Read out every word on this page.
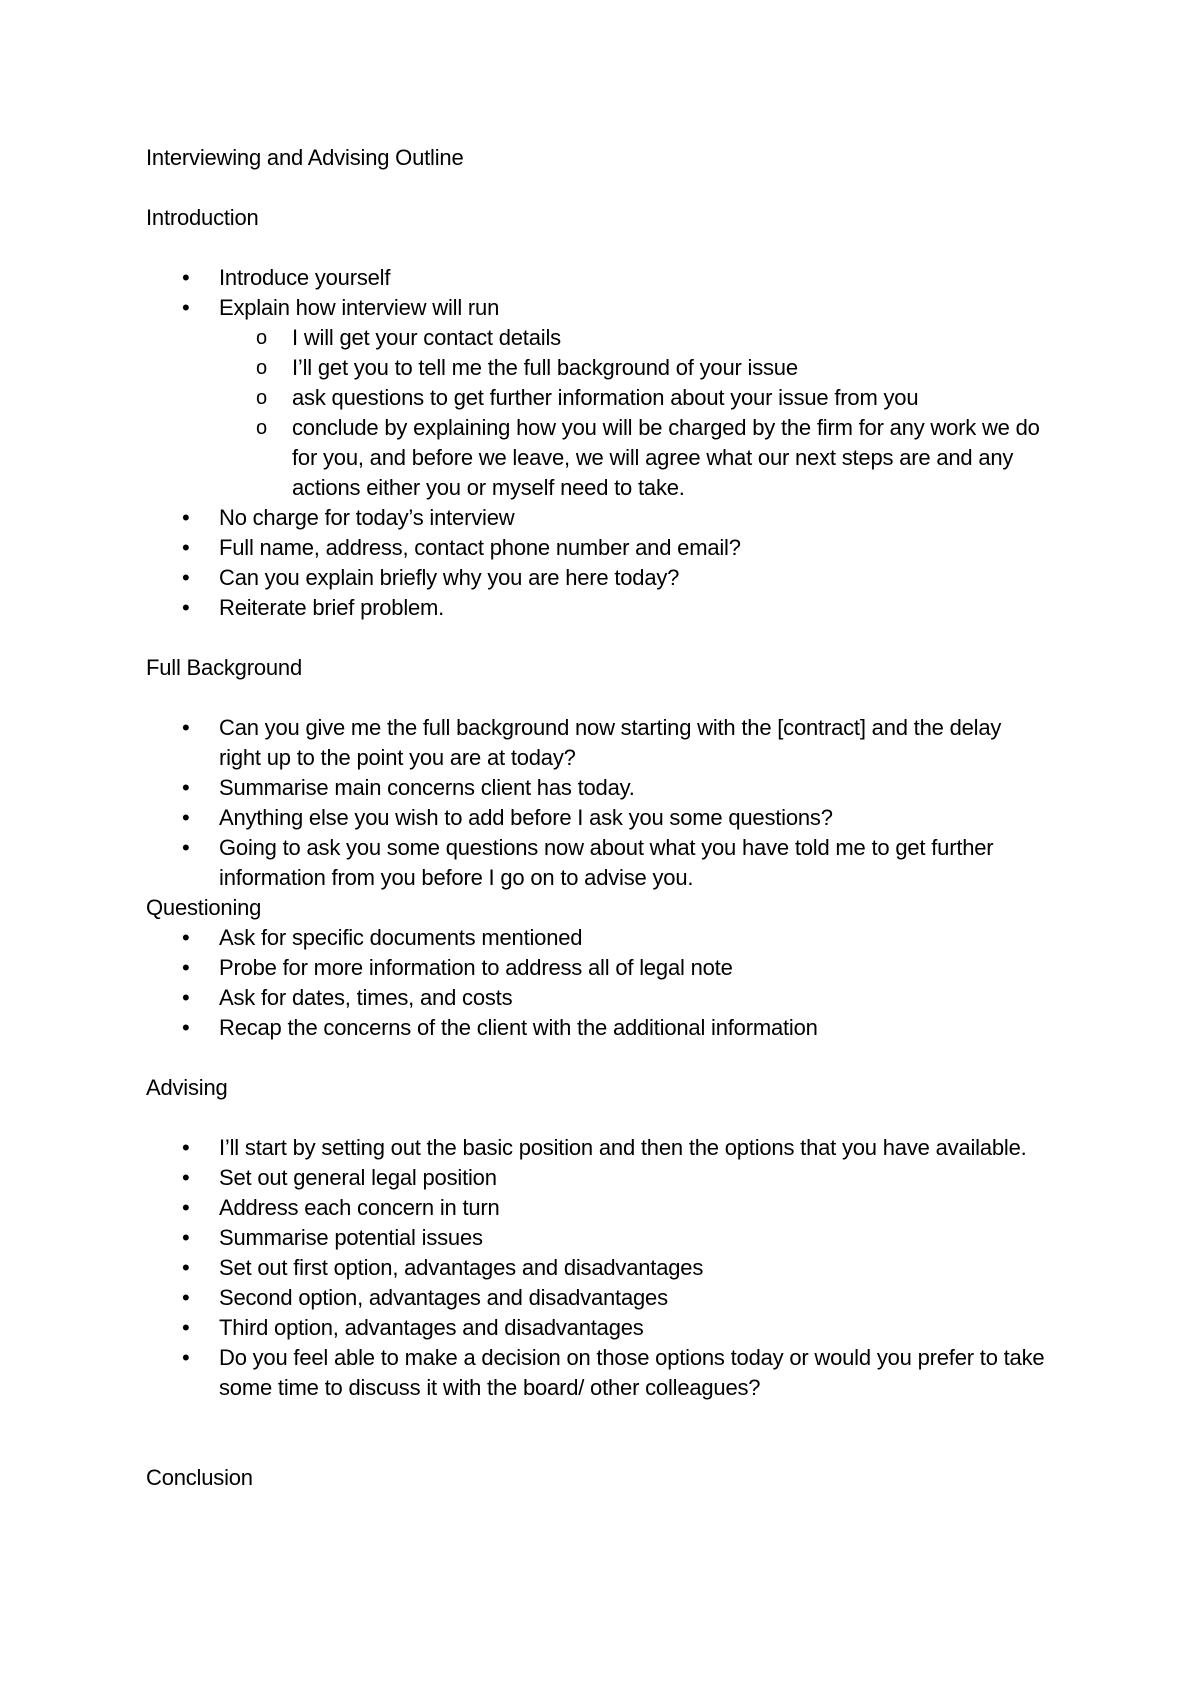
Interviewing and Advising Outline

Introduction

• Introduce yourself
• Explain how interview will run
o I will get your contact details
o I’ll get you to tell me the full background of your issue
o ask questions to get further information about your issue from you
o conclude by explaining how you will be charged by the firm for any work we do for you, and before we leave, we will agree what our next steps are and any actions either you or myself need to take.
• No charge for today’s interview
• Full name, address, contact phone number and email?
• Can you explain briefly why you are here today?
• Reiterate brief problem.

Full Background

• Can you give me the full background now starting with the [contract] and the delay right up to the point you are at today?
• Summarise main concerns client has today.
• Anything else you wish to add before I ask you some questions?
• Going to ask you some questions now about what you have told me to get further information from you before I go on to advise you.

Questioning

• Ask for specific documents mentioned
• Probe for more information to address all of legal note
• Ask for dates, times, and costs
• Recap the concerns of the client with the additional information

Advising

• I’ll start by setting out the basic position and then the options that you have available.
• Set out general legal position
• Address each concern in turn
• Summarise potential issues
• Set out first option, advantages and disadvantages
• Second option, advantages and disadvantages
• Third option, advantages and disadvantages
• Do you feel able to make a decision on those options today or would you prefer to take some time to discuss it with the board/ other colleagues?

Conclusion
